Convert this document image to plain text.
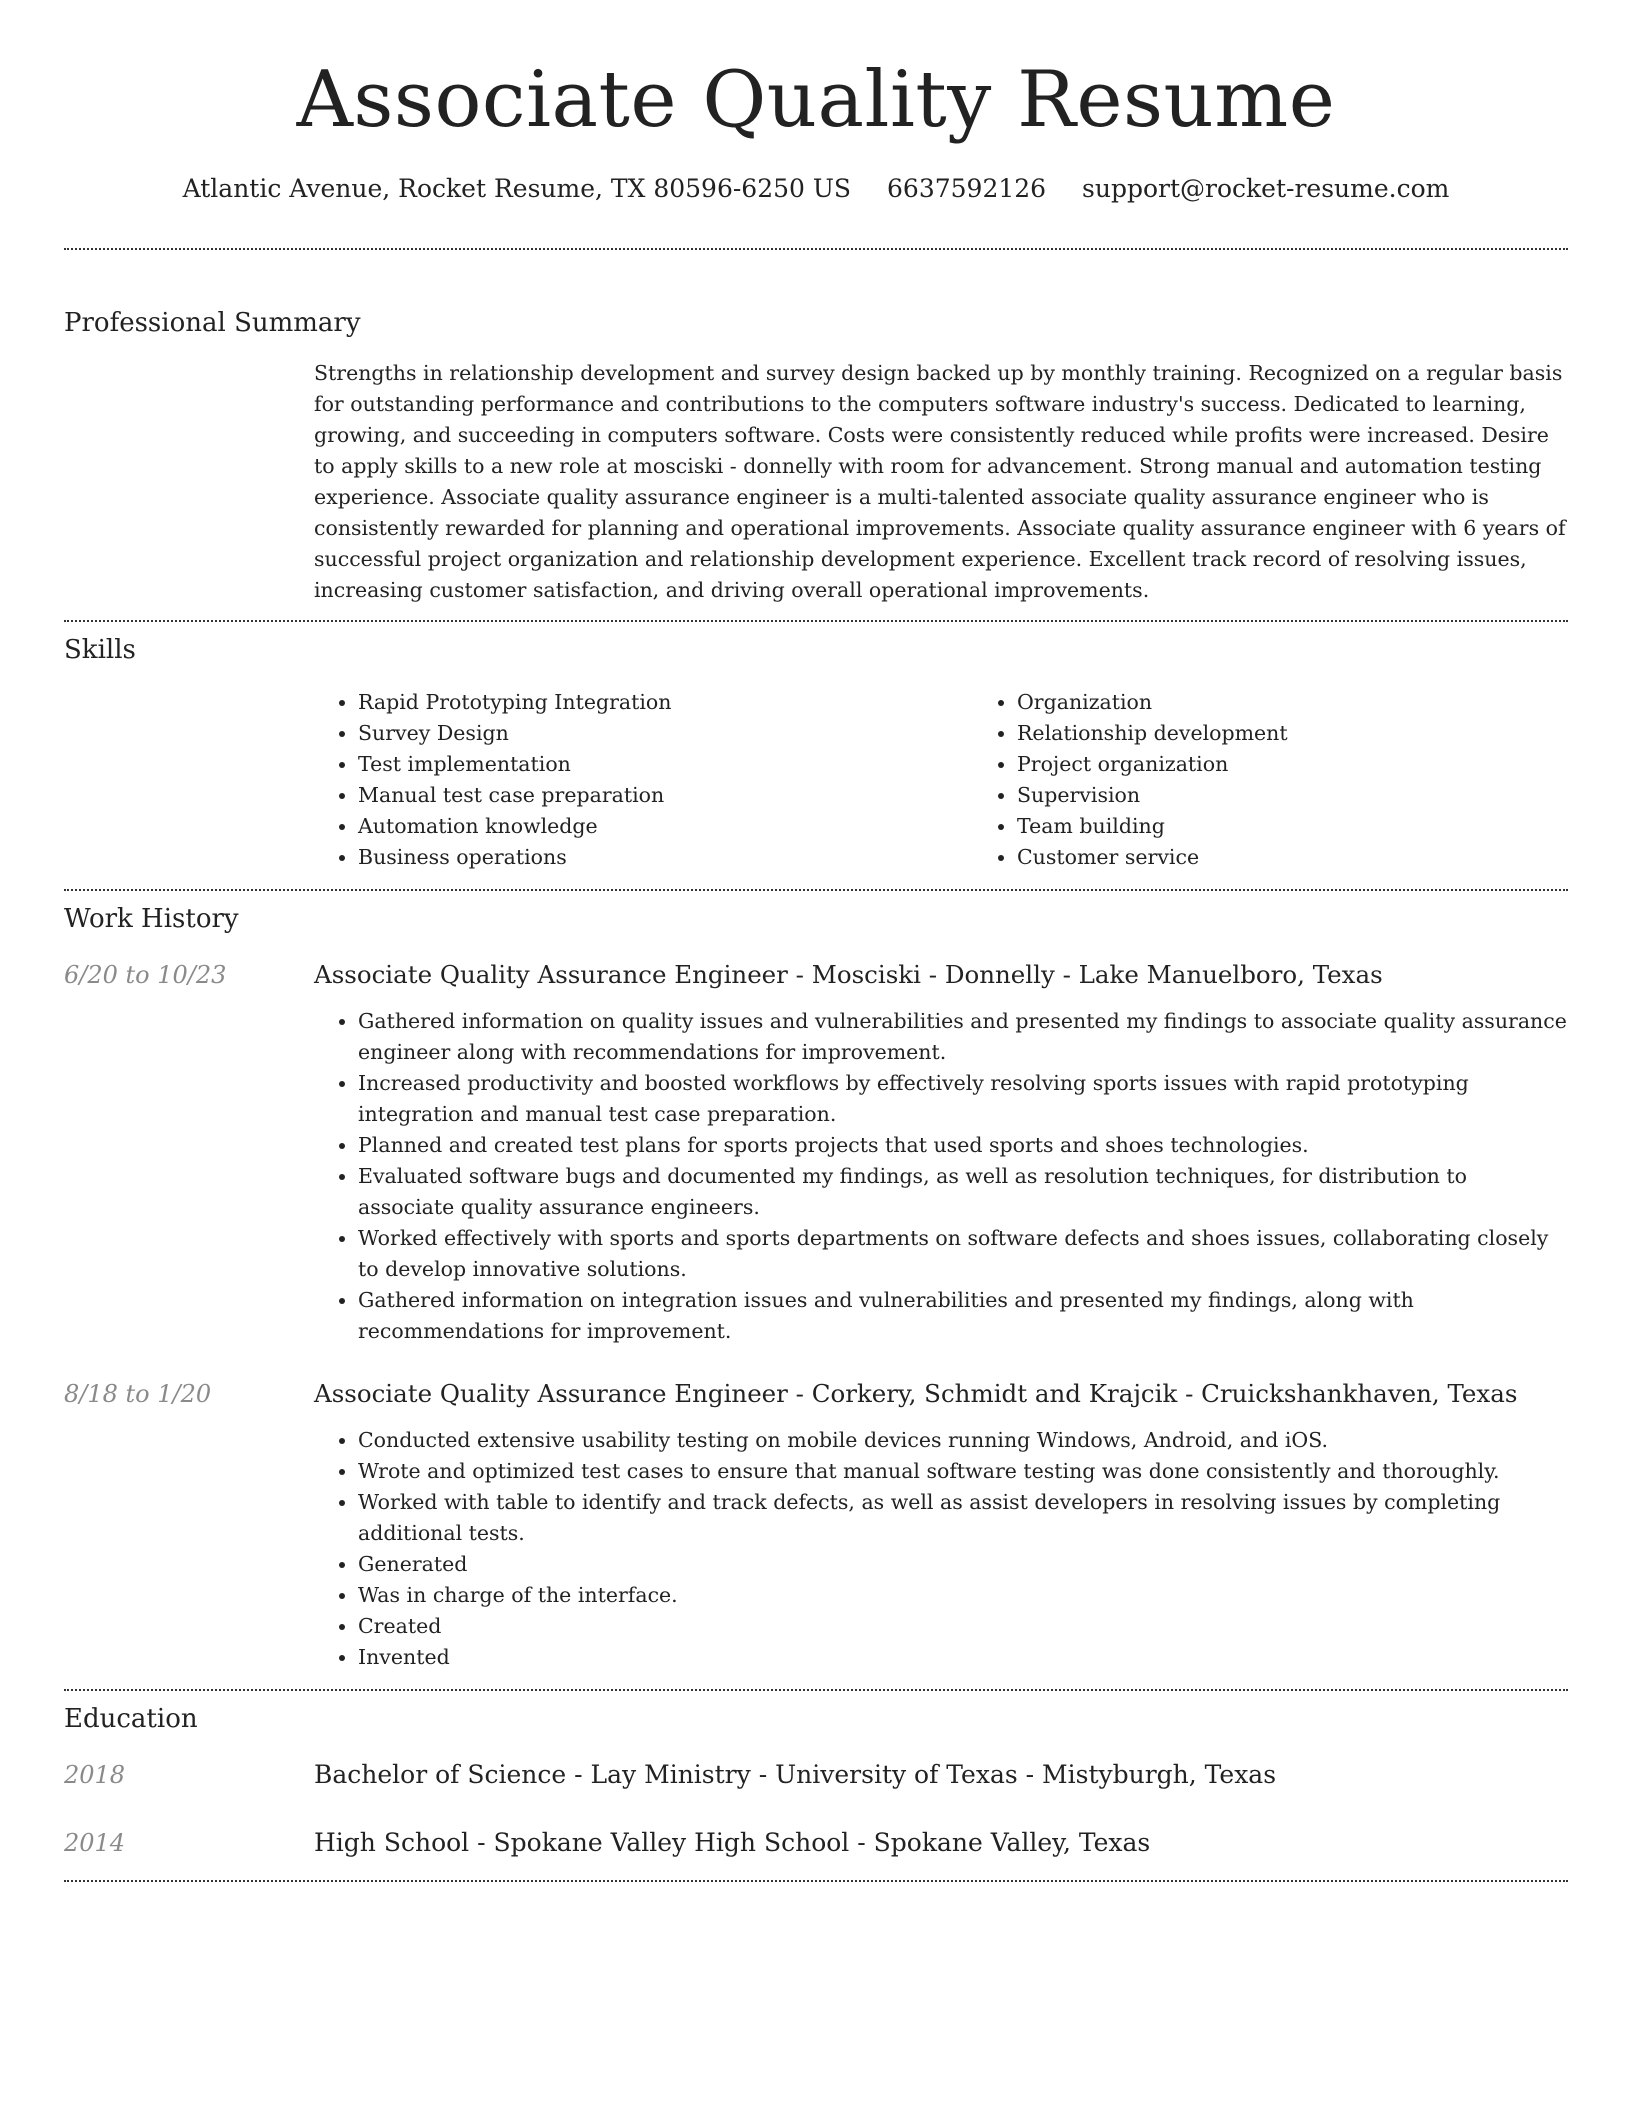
Associate Quality Resume
Atlantic Avenue, Rocket Resume, TX 80596-6250 US 6637592126 support@rocket-resume.com
Professional Summary

Strengths in relationship development and survey design backed up by monthly training. Recognized on a regular basis for outstanding performance and contributions to the computers software industry's success. Dedicated to learning, growing, and succeeding in computers software. Costs were consistently reduced while profits were increased. Desire to apply skills to a new role at mosciski - donnelly with room for advancement. Strong manual and automation testing experience. Associate quality assurance engineer is a multi-talented associate quality assurance engineer who is consistently rewarded for planning and operational improvements. Associate quality assurance engineer with 6 years of successful project organization and relationship development experience. Excellent track record of resolving issues, increasing customer satisfaction, and driving overall operational improvements.

Skills
• Rapid Prototyping Integration
• Survey Design
• Test implementation
• Manual test case preparation
• Automation knowledge
• Business operations
• Organization
• Relationship development
• Project organization
• Supervision
• Team building
• Customer service
Work History
6/20 to 10/23	Associate Quality Assurance Engineer - Mosciski - Donnelly - Lake Manuelboro, Texas
• Gathered information on quality issues and vulnerabilities and presented my findings to associate quality assurance engineer along with recommendations for improvement.
• Increased productivity and boosted workflows by effectively resolving sports issues with rapid prototyping integration and manual test case preparation.
• Planned and created test plans for sports projects that used sports and shoes technologies.
• Evaluated software bugs and documented my findings, as well as resolution techniques, for distribution to associate quality assurance engineers.
• Worked effectively with sports and sports departments on software defects and shoes issues, collaborating closely to develop innovative solutions.
• Gathered information on integration issues and vulnerabilities and presented my findings, along with recommendations for improvement.
8/18 to 1/20	Associate Quality Assurance Engineer - Corkery, Schmidt and Krajcik - Cruickshankhaven, Texas
• Conducted extensive usability testing on mobile devices running Windows, Android, and iOS.
• Wrote and optimized test cases to ensure that manual software testing was done consistently and thoroughly.
• Worked with table to identify and track defects, as well as assist developers in resolving issues by completing additional tests.
• Generated
• Was in charge of the interface.
• Created
• Invented
Education
2018	Bachelor of Science - Lay Ministry - University of Texas - Mistyburgh, Texas
2014	High School - Spokane Valley High School - Spokane Valley, Texas
